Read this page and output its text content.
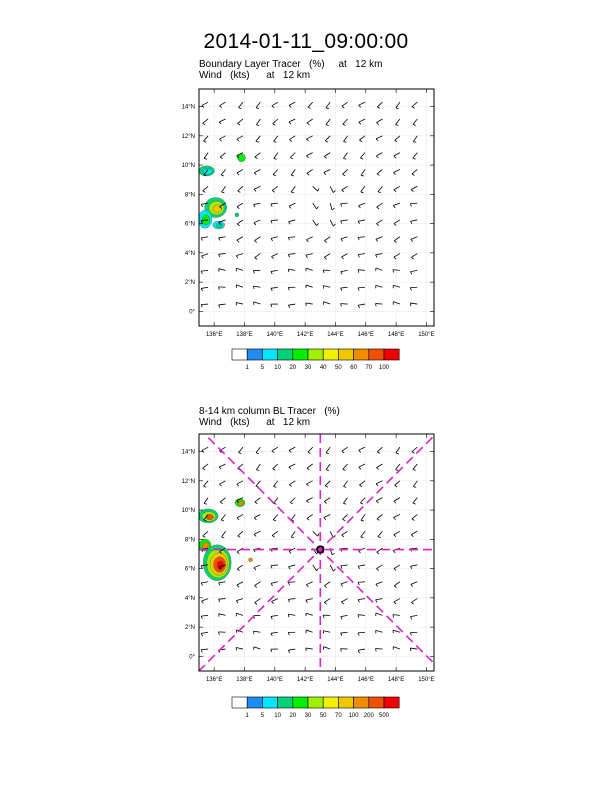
2014-01-11_09:00:00
Boundary Layer Tracer   (%)     at   12 km
Wind   (kts)      at   12 km
8-14 km column BL Tracer   (%)
Wind   (kts)      at   12 km
0°
2°N
4°N
6°N
8°N
10°N
12°N
14°N
136°E 138°E 140°E 142°E 144°E 146°E 148°E 150°E
1 5 10 20 30 40 50 60 70 100
0°
2°N
4°N
6°N
8°N
10°N
12°N
14°N
136°E 138°E 140°E 142°E 144°E 146°E 148°E 150°E
1 5 10 20 30 50 70 100 200 500
